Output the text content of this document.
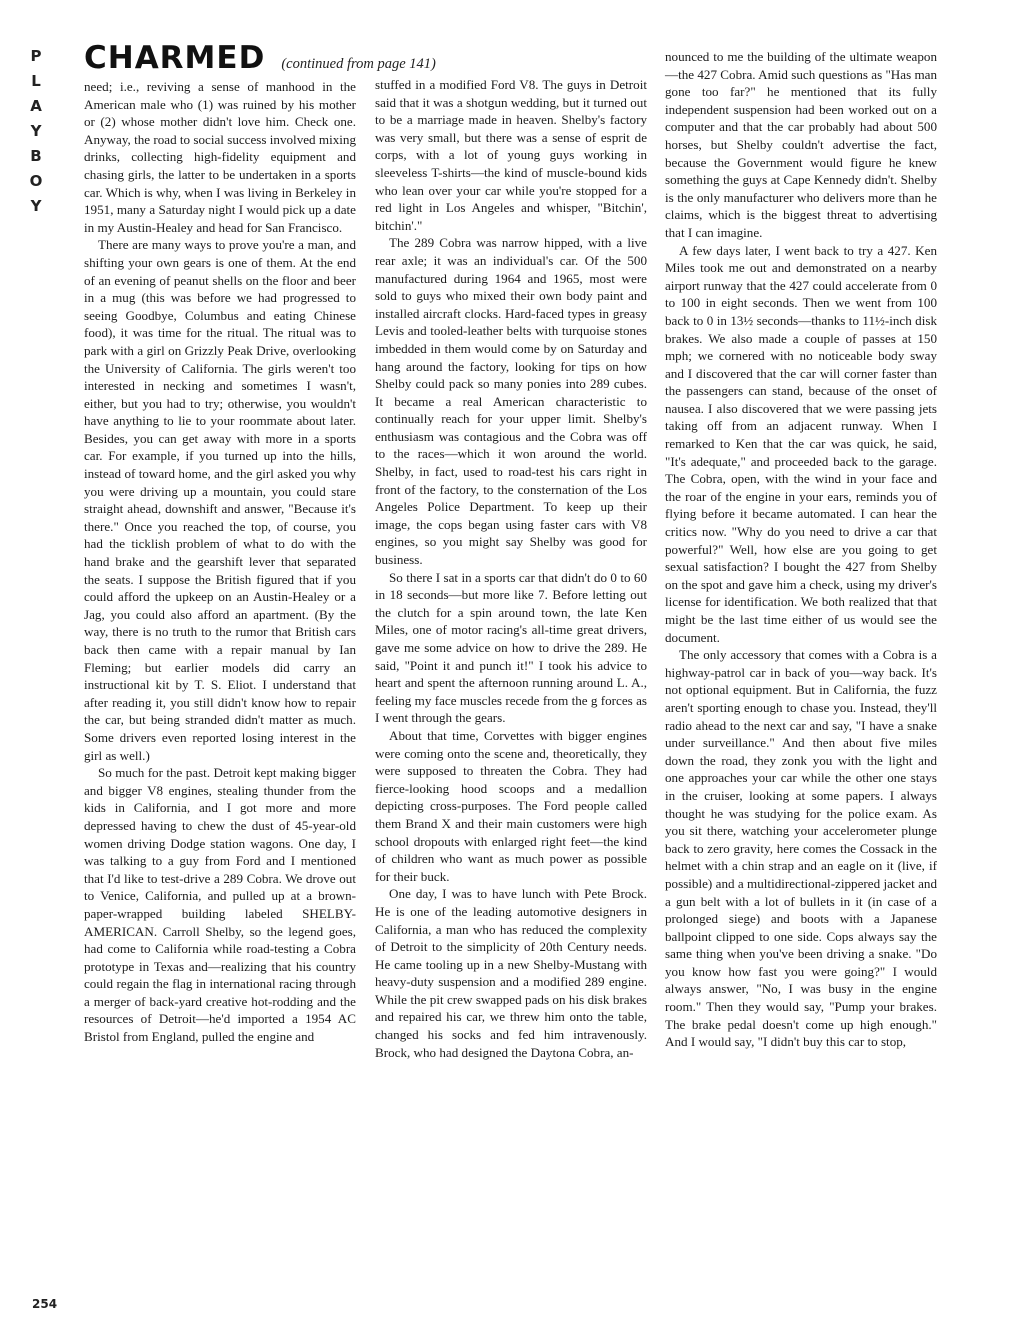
P
L
A
Y
B
O
Y
CHARMED (continued from page 141)

need; i.e., reviving a sense of manhood in the American male who (1) was ruined by his mother or (2) whose mother didn't love him. Check one. Anyway, the road to social success involved mixing drinks, collecting high-fidelity equipment and chasing girls, the latter to be undertaken in a sports car. Which is why, when I was living in Berkeley in 1951, many a Saturday night I would pick up a date in my Austin-Healey and head for San Francisco.

There are many ways to prove you're a man, and shifting your own gears is one of them. At the end of an evening of peanut shells on the floor and beer in a mug (this was before we had progressed to seeing Goodbye, Columbus and eating Chinese food), it was time for the ritual. The ritual was to park with a girl on Grizzly Peak Drive, overlooking the University of California. The girls weren't too interested in necking and sometimes I wasn't, either, but you had to try; otherwise, you wouldn't have anything to lie to your roommate about later. Besides, you can get away with more in a sports car. For example, if you turned up into the hills, instead of toward home, and the girl asked you why you were driving up a mountain, you could stare straight ahead, downshift and answer, "Because it's there." Once you reached the top, of course, you had the ticklish problem of what to do with the hand brake and the gearshift lever that separated the seats. I suppose the British figured that if you could afford the upkeep on an Austin-Healey or a Jag, you could also afford an apartment. (By the way, there is no truth to the rumor that British cars back then came with a repair manual by Ian Fleming; but earlier models did carry an instructional kit by T. S. Eliot. I understand that after reading it, you still didn't know how to repair the car, but being stranded didn't matter as much. Some drivers even reported losing interest in the girl as well.)

So much for the past. Detroit kept making bigger and bigger V8 engines, stealing thunder from the kids in California, and I got more and more depressed having to chew the dust of 45-year-old women driving Dodge station wagons. One day, I was talking to a guy from Ford and I mentioned that I'd like to test-drive a 289 Cobra. We drove out to Venice, California, and pulled up at a brown-paper-wrapped building labeled SHELBY-AMERICAN. Carroll Shelby, so the legend goes, had come to California while road-testing a Cobra prototype in Texas and—realizing that his country could regain the flag in international racing through a merger of back-yard creative hot-rodding and the resources of Detroit—he'd imported a 1954 AC Bristol from England, pulled the engine and

stuffed in a modified Ford V8. The guys in Detroit said that it was a shotgun wedding, but it turned out to be a marriage made in heaven. Shelby's factory was very small, but there was a sense of esprit de corps, with a lot of young guys working in sleeveless T-shirts—the kind of muscle-bound kids who lean over your car while you're stopped for a red light in Los Angeles and whisper, "Bitchin', bitchin'."

The 289 Cobra was narrow hipped, with a live rear axle; it was an individual's car. Of the 500 manufactured during 1964 and 1965, most were sold to guys who mixed their own body paint and installed aircraft clocks. Hard-faced types in greasy Levis and tooled-leather belts with turquoise stones imbedded in them would come by on Saturday and hang around the factory, looking for tips on how Shelby could pack so many ponies into 289 cubes. It became a real American characteristic to continually reach for your upper limit. Shelby's enthusiasm was contagious and the Cobra was off to the races—which it won around the world. Shelby, in fact, used to road-test his cars right in front of the factory, to the consternation of the Los Angeles Police Department. To keep up their image, the cops began using faster cars with V8 engines, so you might say Shelby was good for business.

So there I sat in a sports car that didn't do 0 to 60 in 18 seconds—but more like 7. Before letting out the clutch for a spin around town, the late Ken Miles, one of motor racing's all-time great drivers, gave me some advice on how to drive the 289. He said, "Point it and punch it!" I took his advice to heart and spent the afternoon running around L. A., feeling my face muscles recede from the g forces as I went through the gears.

About that time, Corvettes with bigger engines were coming onto the scene and, theoretically, they were supposed to threaten the Cobra. They had fierce-looking hood scoops and a medallion depicting cross-purposes. The Ford people called them Brand X and their main customers were high school dropouts with enlarged right feet—the kind of children who want as much power as possible for their buck.

One day, I was to have lunch with Pete Brock. He is one of the leading automotive designers in California, a man who has reduced the complexity of Detroit to the simplicity of 20th Century needs. He came tooling up in a new Shelby-Mustang with heavy-duty suspension and a modified 289 engine. While the pit crew swapped pads on his disk brakes and repaired his car, we threw him onto the table, changed his socks and fed him intravenously. Brock, who had designed the Daytona Cobra, an-

nounced to me the building of the ultimate weapon—the 427 Cobra. Amid such questions as "Has man gone too far?" he mentioned that its fully independent suspension had been worked out on a computer and that the car probably had about 500 horses, but Shelby couldn't advertise the fact, because the Government would figure he knew something the guys at Cape Kennedy didn't. Shelby is the only manufacturer who delivers more than he claims, which is the biggest threat to advertising that I can imagine.

A few days later, I went back to try a 427. Ken Miles took me out and demonstrated on a nearby airport runway that the 427 could accelerate from 0 to 100 in eight seconds. Then we went from 100 back to 0 in 13½ seconds—thanks to 11½-inch disk brakes. We also made a couple of passes at 150 mph; we cornered with no noticeable body sway and I discovered that the car will corner faster than the passengers can stand, because of the onset of nausea. I also discovered that we were passing jets taking off from an adjacent runway. When I remarked to Ken that the car was quick, he said, "It's adequate," and proceeded back to the garage. The Cobra, open, with the wind in your face and the roar of the engine in your ears, reminds you of flying before it became automated. I can hear the critics now. "Why do you need to drive a car that powerful?" Well, how else are you going to get sexual satisfaction? I bought the 427 from Shelby on the spot and gave him a check, using my driver's license for identification. We both realized that that might be the last time either of us would see the document.

The only accessory that comes with a Cobra is a highway-patrol car in back of you—way back. It's not optional equipment. But in California, the fuzz aren't sporting enough to chase you. Instead, they'll radio ahead to the next car and say, "I have a snake under surveillance." And then about five miles down the road, they zonk you with the light and one approaches your car while the other one stays in the cruiser, looking at some papers. I always thought he was studying for the police exam. As you sit there, watching your accelerometer plunge back to zero gravity, here comes the Cossack in the helmet with a chin strap and an eagle on it (live, if possible) and a multidirectional-zippered jacket and a gun belt with a lot of bullets in it (in case of a prolonged siege) and boots with a Japanese ballpoint clipped to one side. Cops always say the same thing when you've been driving a snake. "Do you know how fast you were going?" I would always answer, "No, I was busy in the engine room." Then they would say, "Pump your brakes. The brake pedal doesn't come up high enough." And I would say, "I didn't buy this car to stop,

254
